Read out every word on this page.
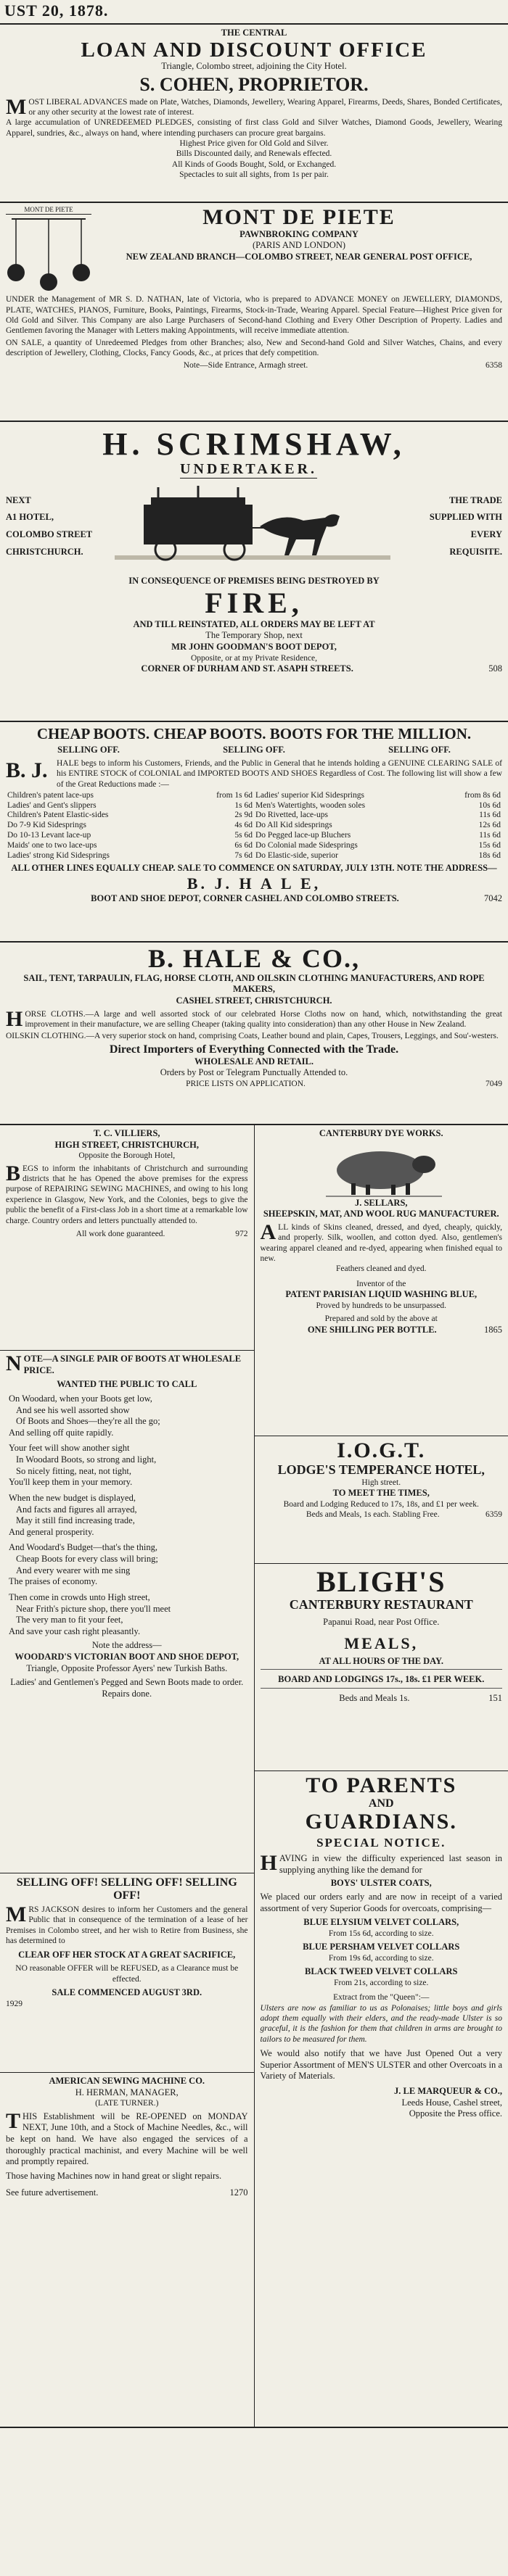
UST 20, 1878.
THE CENTRAL
LOAN AND DISCOUNT OFFICE
Triangle, Colombo street, adjoining the City Hotel.
S. COHEN, PROPRIETOR.

MOST LIBERAL ADVANCES made on Plate, Watches, Diamonds, Jewellery, Wearing Apparel, Firearms, Deeds, Shares, Bonded Certificates, or any other security at the lowest rate of interest.

A large accumulation of UNREDEEMED PLEDGES, consisting of first class Gold and Silver Watches, Diamond Goods, Jewellery, Wearing Apparel, sundries, &c., always on hand, where intending purchasers can procure great bargains.

Highest Price given for Old Gold and Silver.

Bills Discounted daily, and Renewals effected.

All Kinds of Goods Bought, Sold, or Exchanged.

Spectacles to suit all sights, from 1s per pair.

MONT DE PIETE	MONT DE PIETE
PAWNBROKING COMPANY
(PARIS AND LONDON)
NEW ZEALAND BRANCH—COLOMBO STREET, NEAR GENERAL POST OFFICE,

UNDER the Management of MR S. D. NATHAN, late of Victoria, who is prepared to ADVANCE MONEY on JEWELLERY, DIAMONDS, PLATE, WATCHES, PIANOS, Furniture, Books, Paintings, Firearms, Stock-in-Trade, Wearing Apparel. Special Feature—Highest Price given for Old Gold and Silver. This Company are also Large Purchasers of Second-hand Clothing and Every Other Description of Property. Ladies and Gentlemen favoring the Manager with Letters making Appointments, will receive immediate attention.

ON SALE, a quantity of Unredeemed Pledges from other Branches; also, New and Second-hand Gold and Silver Watches, Chains, and every description of Jewellery, Clothing, Clocks, Fancy Goods, &c., at prices that defy competition.

Note—Side Entrance, Armagh street.	6358
H. SCRIMSHAW,
UNDERTAKER.
NEXT
A1 HOTEL,
COLOMBO STREET
CHRISTCHURCH.
THE TRADE
SUPPLIED WITH
EVERY
REQUISITE.
IN CONSEQUENCE OF PREMISES BEING DESTROYED BY
FIRE,
AND TILL REINSTATED, ALL ORDERS MAY BE LEFT AT
The Temporary Shop, next
MR JOHN GOODMAN'S BOOT DEPOT,
Opposite, or at my Private Residence,
CORNER OF DURHAM AND ST. ASAPH STREETS.	508
CHEAP BOOTS. CHEAP BOOTS. BOOTS FOR THE MILLION.
SELLING OFF.	SELLING OFF.	SELLING OFF.
B. J.	HALE begs to inform his Customers, Friends, and the Public in General that he intends holding a GENUINE CLEARING SALE of his ENTIRE STOCK of COLONIAL and IMPORTED BOOTS AND SHOES Regardless of Cost. The following list will show a few of the Great Reductions made :—

Children's patent lace-ups	from 1s 6d
Ladies' and Gent's slippers	1s 6d
Children's Patent Elastic-sides	2s 9d
Do 7-9 Kid Sidesprings	4s 6d
Do 10-13 Levant lace-up	5s 6d
Maids' one to two lace-ups	6s 6d
Ladies' strong Kid Sidesprings	7s 6d
Ladies' superior Kid Sidesprings	from 8s 6d
Men's Watertights, wooden soles	10s 6d
Do Rivetted, lace-ups	11s 6d
Do All Kid sidesprings	12s 6d
Do Pegged lace-up Bluchers	11s 6d
Do Colonial made Sidesprings	15s 6d
Do Elastic-side, superior	18s 6d

ALL OTHER LINES EQUALLY CHEAP. SALE TO COMMENCE ON SATURDAY, JULY 13TH. NOTE THE ADDRESS—

B. J. H A L E,

BOOT AND SHOE DEPOT, CORNER CASHEL AND COLOMBO STREETS.	7042
B. HALE & CO.,
SAIL, TENT, TARPAULIN, FLAG, HORSE CLOTH, AND OILSKIN CLOTHING MANUFACTURERS, AND ROPE MAKERS,
CASHEL STREET, CHRISTCHURCH.

HORSE CLOTHS.—A large and well assorted stock of our celebrated Horse Cloths now on hand, which, notwithstanding the great improvement in their manufacture, we are selling Cheaper (taking quality into consideration) than any other House in New Zealand.

OILSKIN CLOTHING.—A very superior stock on hand, comprising Coats, Leather bound and plain, Capes, Trousers, Leggings, and Sou'-westers.

Direct Importers of Everything Connected with the Trade.

WHOLESALE AND RETAIL.

Orders by Post or Telegram Punctually Attended to.

PRICE LISTS ON APPLICATION.	7049
T. C. VILLIERS,
HIGH STREET, CHRISTCHURCH,
Opposite the Borough Hotel,

BEGS to inform the inhabitants of Christchurch and surrounding districts that he has Opened the above premises for the express purpose of REPAIRING SEWING MACHINES, and owing to his long experience in Glasgow, New York, and the Colonies, begs to give the public the benefit of a First-class Job in a short time at a remarkable low charge. Country orders and letters punctually attended to.

All work done guaranteed.	972

NOTE—A SINGLE PAIR OF BOOTS AT WHOLESALE PRICE.

WANTED THE PUBLIC TO CALL
On Woodard, when your Boots get low,
And see his well assorted show
Of Boots and Shoes—they're all the go;
And selling off quite rapidly.

Your feet will show another sight
In Woodard Boots, so strong and light,
So nicely fitting, neat, not tight,
You'll keep them in your memory.

When the new budget is displayed,
And facts and figures all arrayed,
May it still find increasing trade,
And general prosperity.

And Woodard's Budget—that's the thing,
Cheap Boots for every class will bring;
And every wearer with me sing
The praises of economy.

Then come in crowds unto High street,
Near Frith's picture shop, there you'll meet
The very man to fit your feet,
And save your cash right pleasantly.
Note the address—
WOODARD'S VICTORIAN BOOT AND SHOE DEPOT,
Triangle, Opposite Professor Ayers' new Turkish Baths.
Ladies' and Gentlemen's Pegged and Sewn Boots made to order.
Repairs done.
SELLING OFF! SELLING OFF! SELLING OFF!

MRS JACKSON desires to inform her Customers and the general Public that in consequence of the termination of a lease of her Premises in Colombo street, and her wish to Retire from Business, she has determined to

CLEAR OFF HER STOCK AT A GREAT SACRIFICE,

NO reasonable OFFER will be REFUSED, as a Clearance must be effected.

SALE COMMENCED AUGUST 3RD.
1929
AMERICAN SEWING MACHINE CO.
H. HERMAN, MANAGER,
(LATE TURNER.)

THIS Establishment will be RE-OPENED on MONDAY NEXT, June 10th, and a Stock of Machine Needles, &c., will be kept on hand. We have also engaged the services of a thoroughly practical machinist, and every Machine will be well and promptly repaired.

Those having Machines now in hand great or slight repairs.

See future advertisement.	1270
CANTERBURY DYE WORKS.
J. SELLARS,
SHEEPSKIN, MAT, AND WOOL RUG MANUFACTURER.

ALL kinds of Skins cleaned, dressed, and dyed, cheaply, quickly, and properly. Silk, woollen, and cotton dyed. Also, gentlemen's wearing apparel cleaned and re-dyed, appearing when finished equal to new.

Feathers cleaned and dyed.
Inventor of the
PATENT PARISIAN LIQUID WASHING BLUE,
Proved by hundreds to be unsurpassed.
Prepared and sold by the above at
ONE SHILLING PER BOTTLE.	1865
I.O.G.T.
LODGE'S TEMPERANCE HOTEL,
High street.
TO MEET THE TIMES,
Board and Lodging Reduced to 17s, 18s, and £1 per week.
Beds and Meals, 1s each. Stabling Free.	6359
BLIGH'S
CANTERBURY RESTAURANT
Papanui Road, near Post Office.
MEALS,
AT ALL HOURS OF THE DAY.
BOARD AND LODGINGS 17s., 18s. £1 PER WEEK.
Beds and Meals 1s.	151
TO PARENTS
AND
GUARDIANS.
SPECIAL NOTICE.

HAVING in view the difficulty experienced last season in supplying anything like the demand for

BOYS' ULSTER COATS,

We placed our orders early and are now in receipt of a varied assortment of very Superior Goods for overcoats, comprising—

BLUE ELYSIUM VELVET COLLARS,
From 15s 6d, according to size.
BLUE PERSHAM VELVET COLLARS
From 19s 6d, according to size.
BLACK TWEED VELVET COLLARS
From 21s, according to size.
Extract from the "Queen":—

Ulsters are now as familiar to us as Polonaises; little boys and girls adopt them equally with their elders, and the ready-made Ulster is so graceful, it is the fashion for them that children in arms are brought to tailors to be measured for them.

We would also notify that we have Just Opened Out a very Superior Assortment of MEN'S ULSTER and other Overcoats in a Variety of Materials.

J. LE MARQUEUR & CO.,
Leeds House, Cashel street,
Opposite the Press office.
